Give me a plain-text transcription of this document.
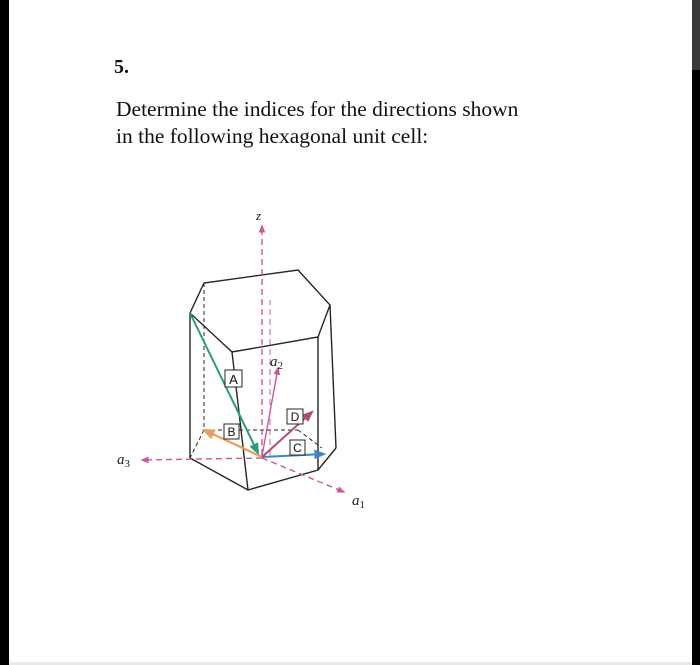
5.
Determine the indices for the directions shown
in the following hexagonal unit cell:
A
B
C
D
z
$a_2$
$a_3$
$a_1$
